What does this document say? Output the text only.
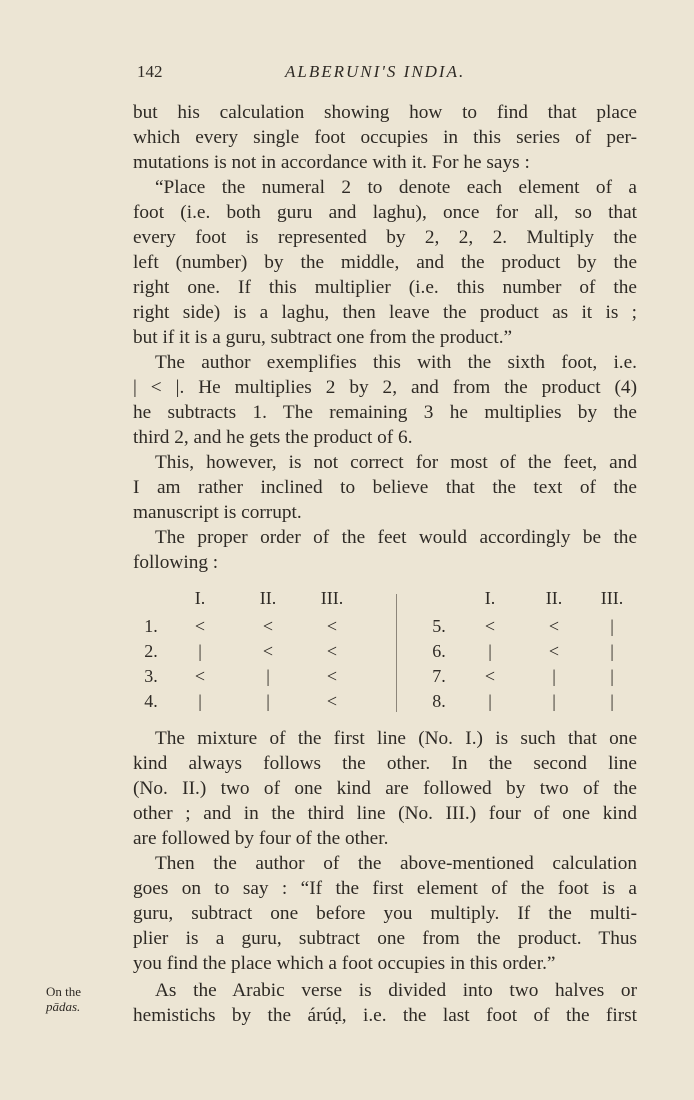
142	ALBERUNI'S INDIA.
but his calculation showing how to find that place
which every single foot occupies in this series of per-
mutations is not in accordance with it. For he says :
“Place the numeral 2 to denote each element of a
foot (i.e. both guru and laghu), once for all, so that
every foot is represented by 2, 2, 2. Multiply the
left (number) by the middle, and the product by the
right one. If this multiplier (i.e. this number of the
right side) is a laghu, then leave the product as it is ;
but if it is a guru, subtract one from the product.”
The author exemplifies this with the sixth foot, i.e.
| < |. He multiplies 2 by 2, and from the product (4)
he subtracts 1. The remaining 3 he multiplies by the
third 2, and he gets the product of 6.
This, however, is not correct for most of the feet, and
I am rather inclined to believe that the text of the
manuscript is corrupt.
The proper order of the feet would accordingly be the
following :
I.	II.	III.	I.	II.	III.
1.	<	<	<
2.	|	<	<
3.	<	|	<
4.	|	|	<
5.	<	<	|
6.	|	<	|
7.	<	|	|
8.	|	|	|
The mixture of the first line (No. I.) is such that one
kind always follows the other. In the second line
(No. II.) two of one kind are followed by two of the
other ; and in the third line (No. III.) four of one kind
are followed by four of the other.
Then the author of the above-mentioned calculation
goes on to say : “If the first element of the foot is a
guru, subtract one before you multiply. If the multi-
plier is a guru, subtract one from the product. Thus
you find the place which a foot occupies in this order.”
As the Arabic verse is divided into two halves or
hemistichs by the árúḍ, i.e. the last foot of the first
On the
pādas.
